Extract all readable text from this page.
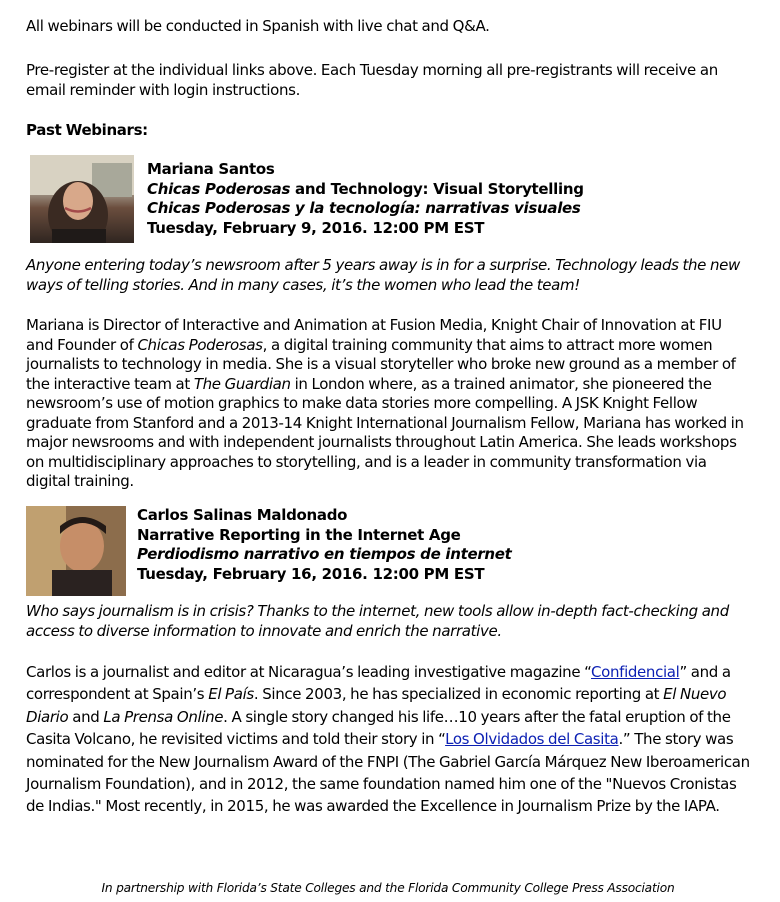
All webinars will be conducted in Spanish with live chat and Q&A.

Pre-register at the individual links above. Each Tuesday morning all pre-registrants will receive an email reminder with login instructions.

Past Webinars:

Mariana Santos
Chicas Poderosas and Technology: Visual Storytelling
Chicas Poderosas y la tecnología: narrativas visuales
Tuesday, February 9, 2016. 12:00 PM EST

Anyone entering today’s newsroom after 5 years away is in for a surprise. Technology leads the new ways of telling stories. And in many cases, it’s the women who lead the team!

Mariana is Director of Interactive and Animation at Fusion Media, Knight Chair of Innovation at FIU and Founder of Chicas Poderosas, a digital training community that aims to attract more women journalists to technology in media. She is a visual storyteller who broke new ground as a member of the interactive team at The Guardian in London where, as a trained animator, she pioneered the newsroom’s use of motion graphics to make data stories more compelling. A JSK Knight Fellow graduate from Stanford and a 2013-14 Knight International Journalism Fellow, Mariana has worked in major newsrooms and with independent journalists throughout Latin America. She leads workshops on multidisciplinary approaches to storytelling, and is a leader in community transformation via digital training.

Carlos Salinas Maldonado
Narrative Reporting in the Internet Age
Perdiodismo narrativo en tiempos de internet
Tuesday, February 16, 2016. 12:00 PM EST

Who says journalism is in crisis? Thanks to the internet, new tools allow in-depth fact-checking and access to diverse information to innovate and enrich the narrative.

Carlos is a journalist and editor at Nicaragua’s leading investigative magazine “Confidencial” and a correspondent at Spain’s El País. Since 2003, he has specialized in economic reporting at El Nuevo Diario and La Prensa Online. A single story changed his life…10 years after the fatal eruption of the Casita Volcano, he revisited victims and told their story in “Los Olvidados del Casita.” The story was nominated for the New Journalism Award of the FNPI (The Gabriel García Márquez New Iberoamerican Journalism Foundation), and in 2012, the same foundation named him one of the "Nuevos Cronistas de Indias." Most recently, in 2015, he was awarded the Excellence in Journalism Prize by the IAPA.

In partnership with Florida’s State Colleges and the Florida Community College Press Association
